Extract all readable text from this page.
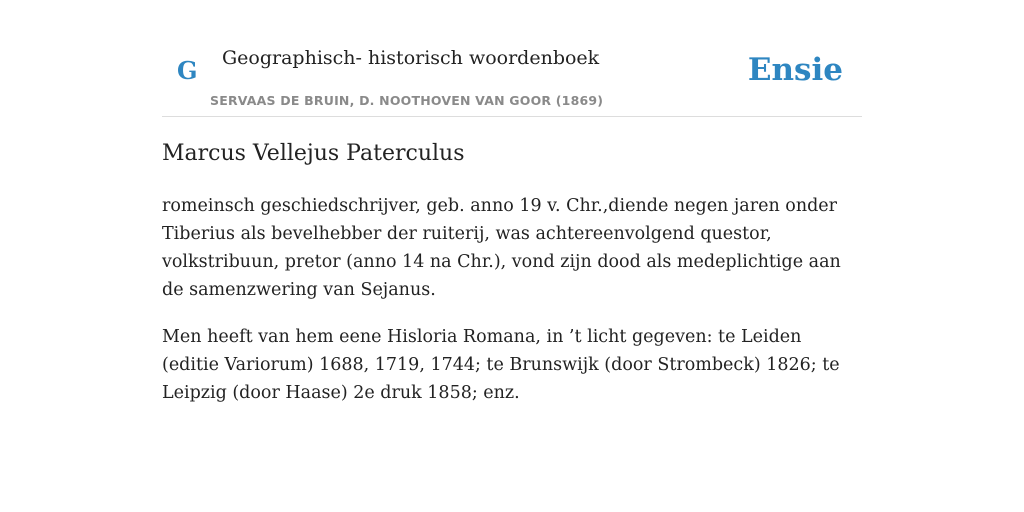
G Geographisch- historisch woordenboek
SERVAAS DE BRUIN, D. NOOTHOVEN VAN GOOR (1869)
Ensie
Marcus Vellejus Paterculus

romeinsch geschiedschrijver, geb. anno 19 v. Chr.,diende negen jaren onder Tiberius als bevelhebber der ruiterij, was achtereenvolgend questor, volkstribuun, pretor (anno 14 na Chr.), vond zijn dood als medeplichtige aan de samenzwering van Sejanus.

Men heeft van hem eene Hisloria Romana, in ’t licht gegeven: te Leiden (editie Variorum) 1688, 1719, 1744; te Brunswijk (door Strombeck) 1826; te Leipzig (door Haase) 2e druk 1858; enz.
